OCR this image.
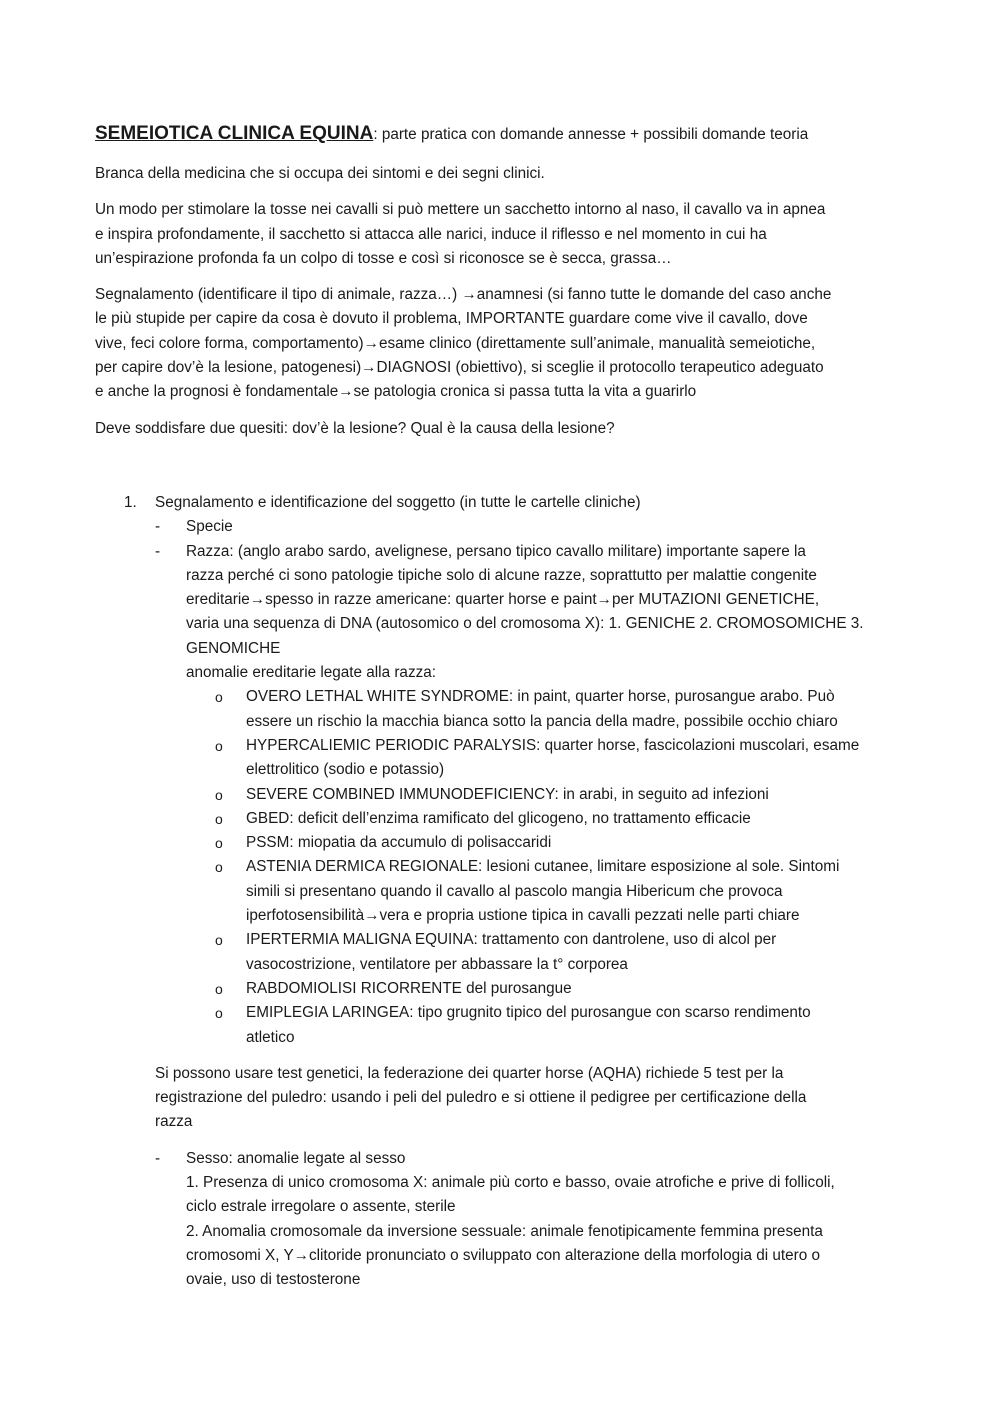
SEMEIOTICA CLINICA EQUINA: parte pratica con domande annesse + possibili domande teoria

Branca della medicina che si occupa dei sintomi e dei segni clinici.

Un modo per stimolare la tosse nei cavalli si può mettere un sacchetto intorno al naso, il cavallo va in apnea
e inspira profondamente, il sacchetto si attacca alle narici, induce il riflesso e nel momento in cui ha
un’espirazione profonda fa un colpo di tosse e così si riconosce se è secca, grassa…
Segnalamento (identificare il tipo di animale, razza…) →anamnesi (si fanno tutte le domande del caso anche
le più stupide per capire da cosa è dovuto il problema, IMPORTANTE guardare come vive il cavallo, dove
vive, feci colore forma, comportamento)→esame clinico (direttamente sull’animale, manualità semeiotiche,
per capire dov’è la lesione, patogenesi)→DIAGNOSI (obiettivo), si sceglie il protocollo terapeutico adeguato
e anche la prognosi è fondamentale→se patologia cronica si passa tutta la vita a guarirlo

Deve soddisfare due quesiti: dov’è la lesione? Qual è la causa della lesione?

1. Segnalamento e identificazione del soggetto (in tutte le cartelle cliniche)
- Specie
- Razza: (anglo arabo sardo, avelignese, persano tipico cavallo militare) importante sapere la
razza perché ci sono patologie tipiche solo di alcune razze, soprattutto per malattie congenite
ereditarie→spesso in razze americane: quarter horse e paint→per MUTAZIONI GENETICHE,
varia una sequenza di DNA (autosomico o del cromosoma X): 1. GENICHE 2. CROMOSOMICHE 3.
GENOMICHE
anomalie ereditarie legate alla razza:
o OVERO LETHAL WHITE SYNDROME: in paint, quarter horse, purosangue arabo. Può
essere un rischio la macchia bianca sotto la pancia della madre, possibile occhio chiaro
o HYPERCALIEMIC PERIODIC PARALYSIS: quarter horse, fascicolazioni muscolari, esame
elettrolitico (sodio e potassio)
o SEVERE COMBINED IMMUNODEFICIENCY: in arabi, in seguito ad infezioni
o GBED: deficit dell’enzima ramificato del glicogeno, no trattamento efficacie
o PSSM: miopatia da accumulo di polisaccaridi
o ASTENIA DERMICA REGIONALE: lesioni cutanee, limitare esposizione al sole. Sintomi
simili si presentano quando il cavallo al pascolo mangia Hibericum che provoca
iperfotosensibilità→vera e propria ustione tipica in cavalli pezzati nelle parti chiare
o IPERTERMIA MALIGNA EQUINA: trattamento con dantrolene, uso di alcol per
vasocostrizione, ventilatore per abbassare la t° corporea
o RABDOMIOLISI RICORRENTE del purosangue
o EMIPLEGIA LARINGEA: tipo grugnito tipico del purosangue con scarso rendimento
atletico
Si possono usare test genetici, la federazione dei quarter horse (AQHA) richiede 5 test per la
registrazione del puledro: usando i peli del puledro e si ottiene il pedigree per certificazione della
razza
- Sesso: anomalie legate al sesso
1. Presenza di unico cromosoma X: animale più corto e basso, ovaie atrofiche e prive di follicoli,
ciclo estrale irregolare o assente, sterile
2. Anomalia cromosomale da inversione sessuale: animale fenotipicamente femmina presenta
cromosomi X, Y→clitoride pronunciato o sviluppato con alterazione della morfologia di utero o
ovaie, uso di testosterone
